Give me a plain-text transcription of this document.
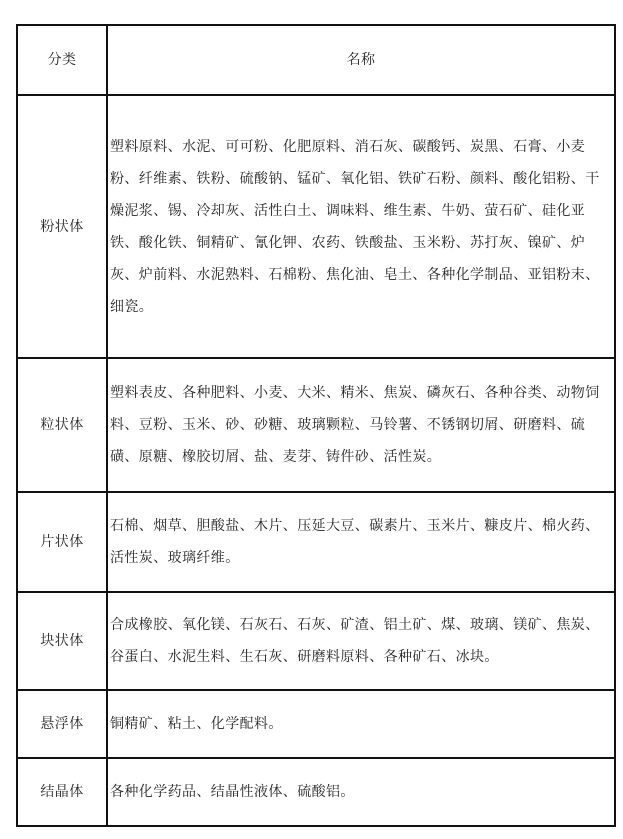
分类	名称
粉状体	塑料原料、水泥、可可粉、化肥原料、消石灰、碳酸钙、炭黑、石膏、小麦粉、纤维素、铁粉、硫酸钠、锰矿、氧化铝、铁矿石粉、颜料、酸化铝粉、干燥泥浆、锡、冷却灰、活性白土、调味料、维生素、牛奶、萤石矿、硅化亚铁、酸化铁、铜精矿、氰化钾、农药、铁酸盐、玉米粉、苏打灰、镍矿、炉灰、炉前料、水泥熟料、石棉粉、焦化油、皂土、各种化学制品、亚铝粉末、细瓷。

粒状体	塑料表皮、各种肥料、小麦、大米、精米、焦炭、磷灰石、各种谷类、动物饲料、豆粉、玉米、砂、砂糖、玻璃颗粒、马铃薯、不锈钢切屑、研磨料、硫磺、原糖、橡胶切屑、盐、麦芽、铸件砂、活性炭。

片状体	石棉、烟草、胆酸盐、木片、压延大豆、碳素片、玉米片、糠皮片、棉火药、活性炭、玻璃纤维。

块状体	合成橡胶、氧化镁、石灰石、石灰、矿渣、铝土矿、煤、玻璃、镁矿、焦炭、谷蛋白、水泥生料、生石灰、研磨料原料、各种矿石、冰块。

悬浮体	铜精矿、粘土、化学配料。

结晶体	各种化学药品、结晶性液体、硫酸铝。
